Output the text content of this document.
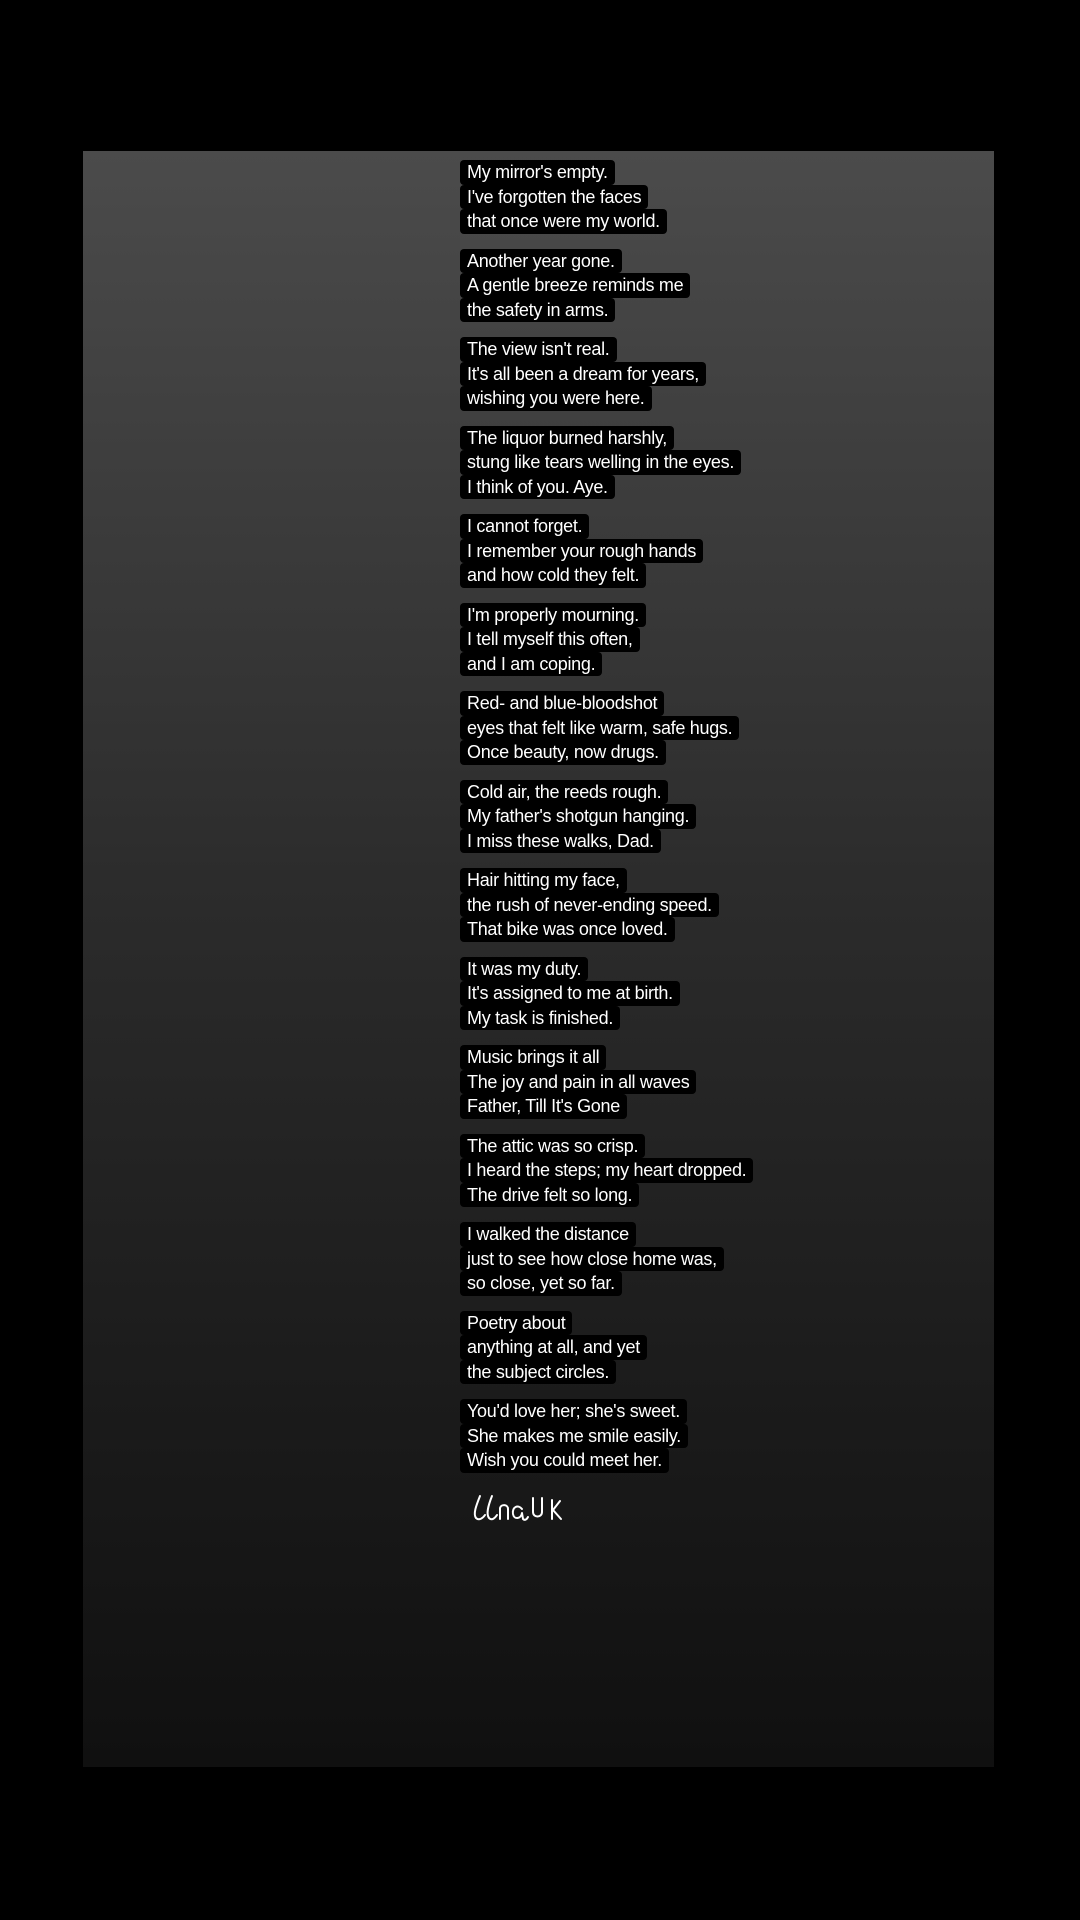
My mirror's empty.
I've forgotten the faces
that once were my world.
Another year gone.
A gentle breeze reminds me
the safety in arms.
The view isn't real.
It's all been a dream for years,
wishing you were here.
The liquor burned harshly,
stung like tears welling in the eyes.
I think of you. Aye.
I cannot forget.
I remember your rough hands
and how cold they felt.
I'm properly mourning.
I tell myself this often,
and I am coping.
Red- and blue-bloodshot
eyes that felt like warm, safe hugs.
Once beauty, now drugs.
Cold air, the reeds rough.
My father's shotgun hanging.
I miss these walks, Dad.
Hair hitting my face,
the rush of never-ending speed.
That bike was once loved.
It was my duty.
It's assigned to me at birth.
My task is finished.
Music brings it all
The joy and pain in all waves
Father, Till It's Gone
The attic was so crisp.
I heard the steps; my heart dropped.
The drive felt so long.
I walked the distance
just to see how close home was,
so close, yet so far.
Poetry about
anything at all, and yet
the subject circles.
You'd love her; she's sweet.
She makes me smile easily.
Wish you could meet her.
